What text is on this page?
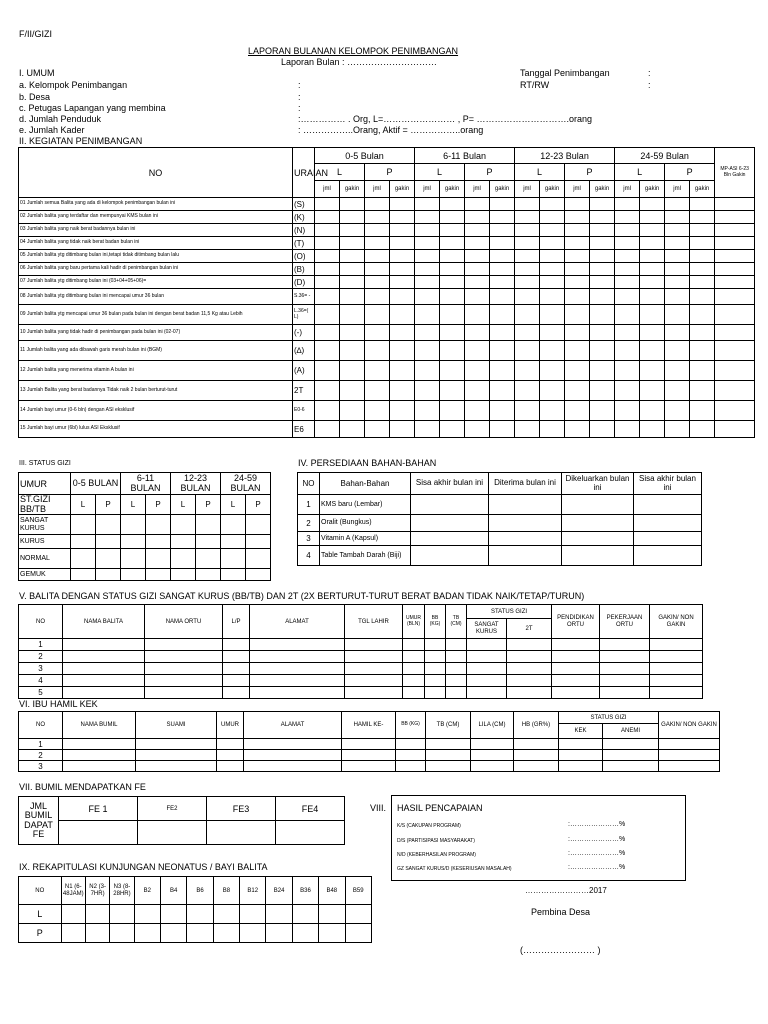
F/II/GIZI
LAPORAN BULANAN KELOMPOK PENIMBANGAN
Laporan Bulan : …………………………
I. UMUM	Tanggal Penimbangan	:
RT/RW	:
a. Kelompok Penimbangan	:
b. Desa	:
c. Petugas Lapangan yang membina	:
d. Jumlah Penduduk	:…………… . Org, L=…………………… , P= ………………………….orang
e. Jumlah Kader	: ……………..Orang, Aktif = ……………..orang
II. KEGIATAN PENIMBANGAN
NO	URAIAN	0-5 Bulan				6-11 Bulan				12-23 Bulan				24-59 Bulan				MP-ASI 6-23 Bln Gakin
		L		P		L		P		L		P		L		P		
		jml	gakin	jml	gakin	jml	gakin	jml	gakin	jml	gakin	jml	gakin	jml	gakin	jml	gakin	
01 Jumlah semua Balita yang ada di kelompok penimbangan bulan ini	(S)																	
02 Jumlah balita yang terdaftar dan mempunyai KMS bulan ini	(K)																	
03 Jumlah balita yang naik berat badannya bulan ini	(N)																	
04 Jumlah balita yang tidak naik berat badan bulan ini	(T)																	
05 Jumlah balita ytg ditimbang bulan ini,tetapi tidak ditimbang bulan lalu	(O)																	
06 Jumlah balita yang baru pertama kali hadir di penimbangan bulan ini	(B)																	
07 Jumlah balita ytg ditimbang bulan ini (03+04+05+06)=	(D)																	
08 Jumlah balita ytg ditimbang bulan ini mencapai umur 36 bulan	S.36= -																	
09 Jumlah balita ytg mencapai umur 36 bulan pada bulan ini dengan berat badan 11,5 Kg atau Lebih	L.36=( L)																	
10 Jumlah balita yang tidak hadir di penimbangan pada bulan ini (02-07)	(-)																	
11 Jumlah balita yang ada dibawah garis merah bulan ini (BGM)	(∆)																	
12 Jumlah balita yang menerima vitamin A bulan ini	(A)																	
13 Jumlah Balita yang berat badannya Tidak naik 2 bulan berturut-turut	2T																	
14 Jumlah bayi umur (0-6 bln) dengan ASI eksklusif	E0-6																	
15 Jumlah bayi umur (6bl) lulus ASI Eksklusif	E6																	
III. STATUS GIZI
UMUR	0-5 BULAN		6-11 BULAN		12-23 BULAN		24-59 BULAN	
ST.GIZI BB/TB	L	P	L	P	L	P	L	P
SANGAT KURUS								
KURUS								
NORMAL								
GEMUK								
IV. PERSEDIAAN BAHAN-BAHAN
NO	Bahan-Bahan	Sisa akhir bulan ini	Diterima bulan ini	Dikeluarkan bulan ini	Sisa akhir bulan ini
1	KMS baru (Lembar)				
2	Oralit (Bungkus)				
3	Vitamin A (Kapsul)				
4	Table Tambah Darah (Biji)				
V. BALITA DENGAN STATUS GIZI SANGAT KURUS (BB/TB) DAN 2T (2X BERTURUT-TURUT BERAT BADAN TIDAK NAIK/TETAP/TURUN)
NO	NAMA BALITA	NAMA ORTU	L/P	ALAMAT	TGL LAHIR	UMUR (BLN)	BB (KG)	TB (CM)	STATUS GIZI		PENDIDIKAN ORTU	PEKERJAAN ORTU	GAKIN/ NON GAKIN
									SANGAT KURUS	2T			
1													
2													
3													
4													
5													
VI. IBU HAMIL KEK
NO	NAMA BUMIL	SUAMI	UMUR	ALAMAT	HAMIL KE-	BB (KG)	TB (CM)	LILA (CM)	HB (GR%)	STATUS GIZI		GAKIN/ NON GAKIN
										KEK	ANEMI	
1												
2												
3												
VII. BUMIL MENDAPATKAN FE
JML BUMIL DAPAT FE	FE 1	FE2	FE3	FE4
				VIII. HASIL PENCAPAIAN
K/S (CAKUPAN PROGRAM)	:…………………%
D/S (PARTISIPASI MASYARAKAT)	:…………………%
N/D (KEBERHASILAN PROGRAM)	:…………………%
GZ SANGAT KURUS/D (KESERIUSAN MASALAH)	:…………………%
IX. REKAPITULASI KUNJUNGAN NEONATUS / BAYI BALITA
NO	N1 (6-48JAM)	N2 (3-7HR)	N3 (8-28HR)	B2	B4	B6	B8	B12	B24	B36	B48	B59
L												
P												
……………………2017
Pembina Desa
(…………………… )
